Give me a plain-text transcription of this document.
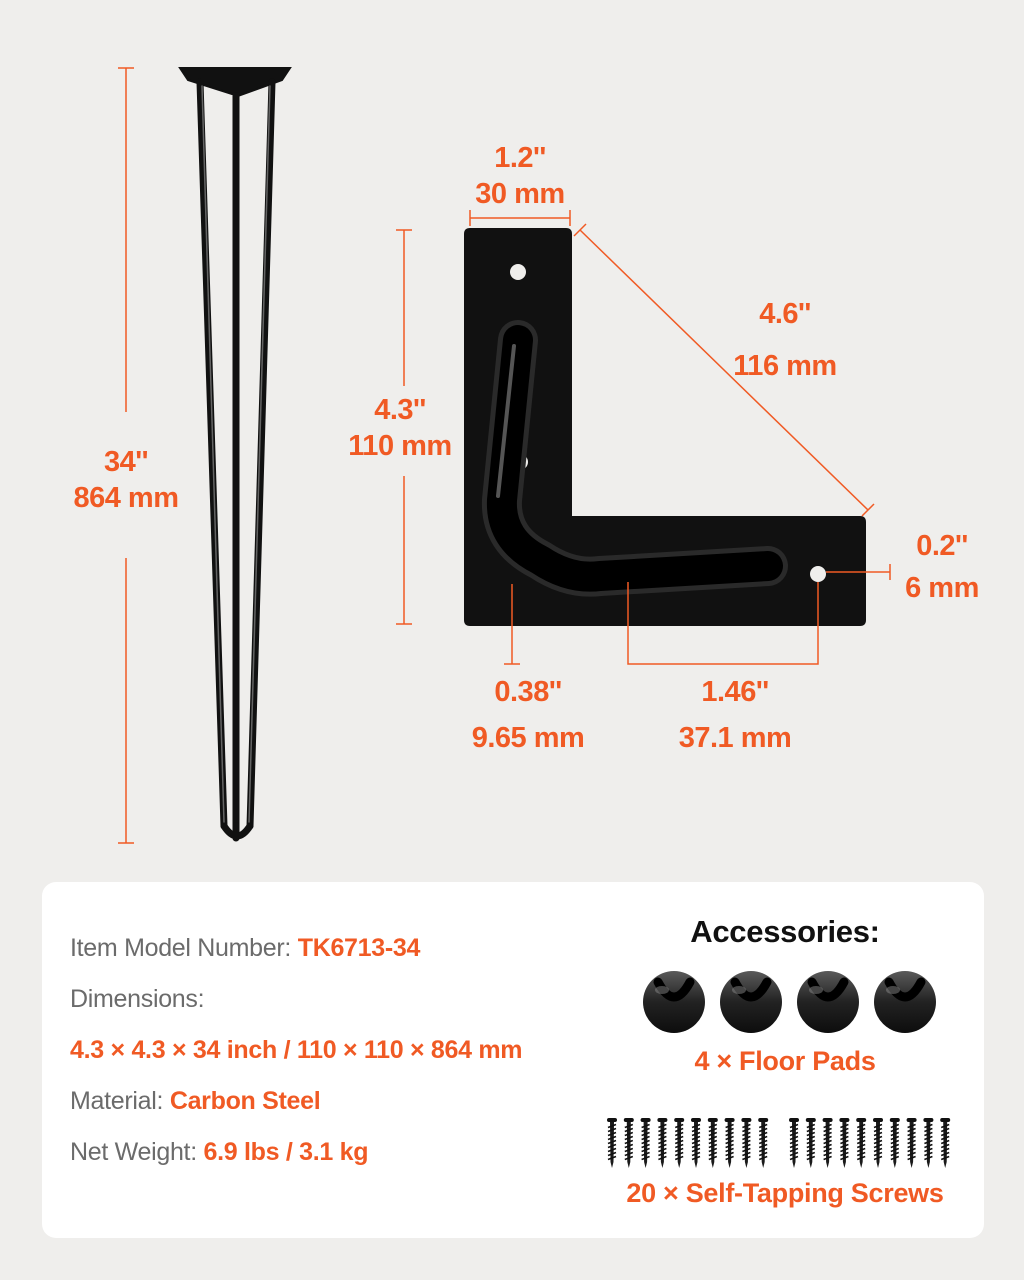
34''
864 mm
1.2''
30 mm
4.6''
116 mm
4.3''
110 mm
0.2''
6 mm
0.38''
9.65 mm
1.46''
37.1 mm
Item Model Number: TK6713-34
Dimensions:
4.3 × 4.3 × 34 inch / 110 × 110 × 864 mm
Material: Carbon Steel
Net Weight: 6.9 lbs / 3.1 kg
Accessories:
4 × Floor Pads
20 × Self-Tapping Screws
